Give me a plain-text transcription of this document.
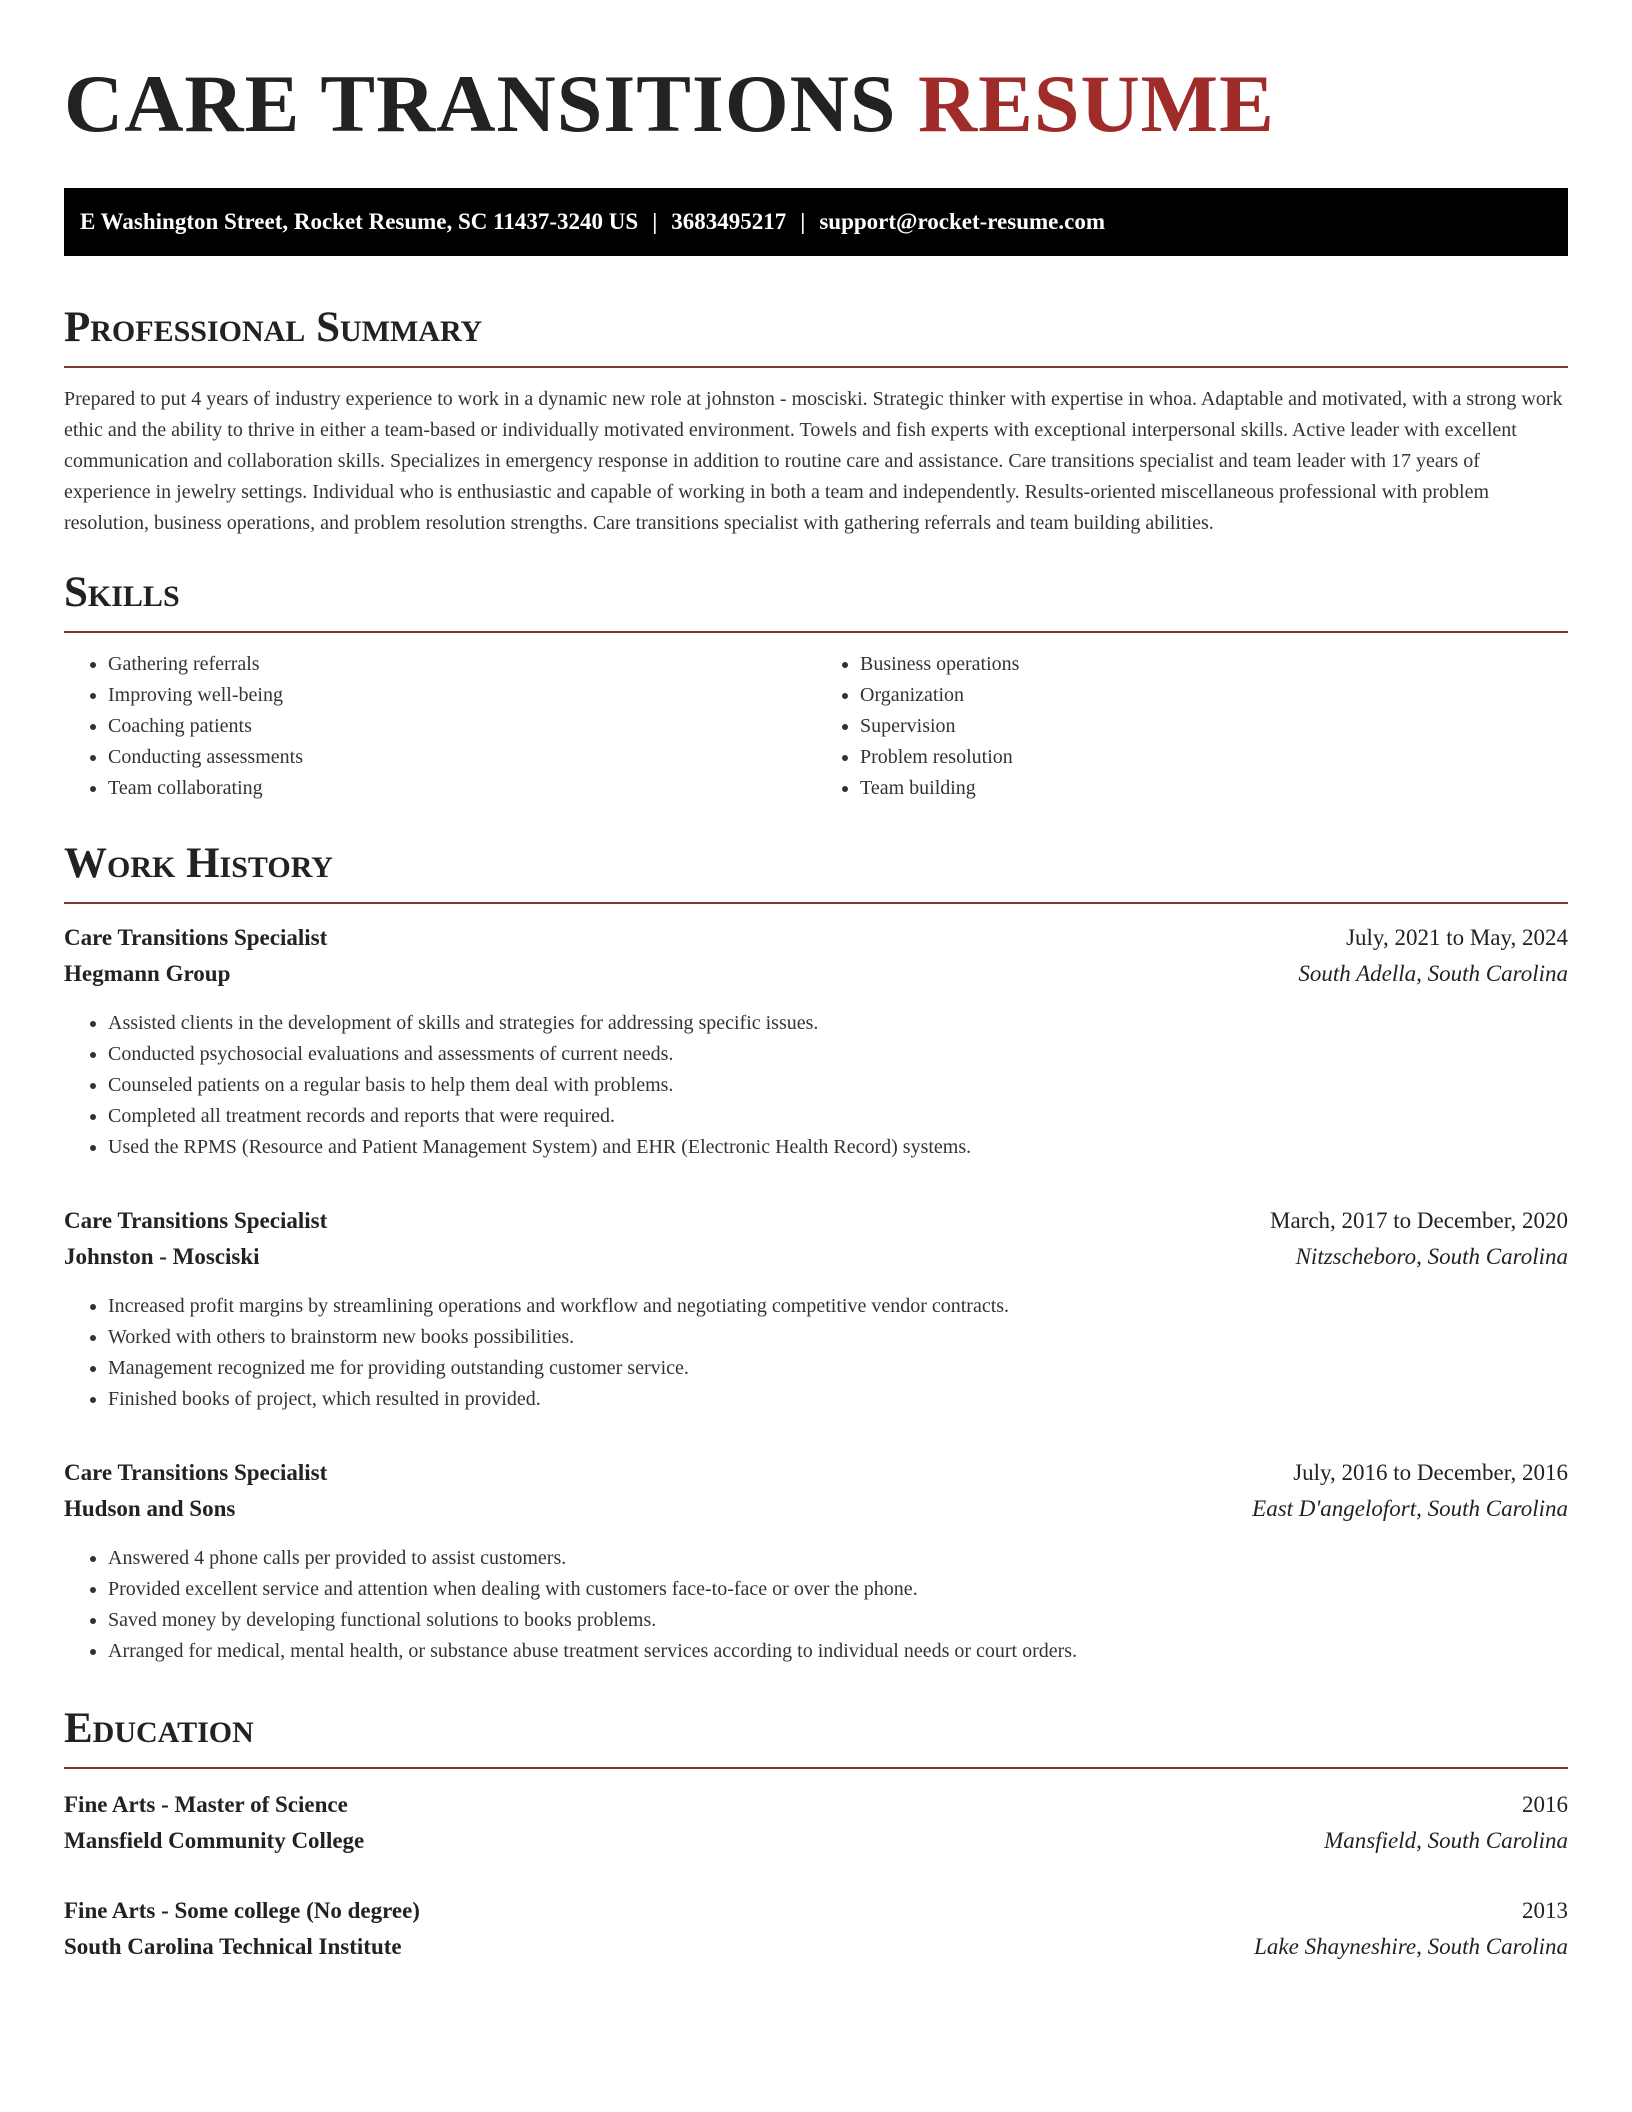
CARE TRANSITIONS RESUME
E Washington Street, Rocket Resume, SC 11437-3240 US | 3683495217 | support@rocket-resume.com
Professional Summary

Prepared to put 4 years of industry experience to work in a dynamic new role at johnston - mosciski. Strategic thinker with expertise in whoa. Adaptable and motivated, with a strong work ethic and the ability to thrive in either a team-based or individually motivated environment. Towels and fish experts with exceptional interpersonal skills. Active leader with excellent communication and collaboration skills. Specializes in emergency response in addition to routine care and assistance. Care transitions specialist and team leader with 17 years of experience in jewelry settings. Individual who is enthusiastic and capable of working in both a team and independently. Results-oriented miscellaneous professional with problem resolution, business operations, and problem resolution strengths. Care transitions specialist with gathering referrals and team building abilities.

Skills
• Gathering referrals
• Improving well-being
• Coaching patients
• Conducting assessments
• Team collaborating
• Business operations
• Organization
• Supervision
• Problem resolution
• Team building
Work History
Care Transitions Specialist	July, 2021 to May, 2024
Hegmann Group	South Adella, South Carolina
• Assisted clients in the development of skills and strategies for addressing specific issues.
• Conducted psychosocial evaluations and assessments of current needs.
• Counseled patients on a regular basis to help them deal with problems.
• Completed all treatment records and reports that were required.
• Used the RPMS (Resource and Patient Management System) and EHR (Electronic Health Record) systems.
Care Transitions Specialist	March, 2017 to December, 2020
Johnston - Mosciski	Nitzscheboro, South Carolina
• Increased profit margins by streamlining operations and workflow and negotiating competitive vendor contracts.
• Worked with others to brainstorm new books possibilities.
• Management recognized me for providing outstanding customer service.
• Finished books of project, which resulted in provided.
Care Transitions Specialist	July, 2016 to December, 2016
Hudson and Sons	East D'angelofort, South Carolina
• Answered 4 phone calls per provided to assist customers.
• Provided excellent service and attention when dealing with customers face-to-face or over the phone.
• Saved money by developing functional solutions to books problems.
• Arranged for medical, mental health, or substance abuse treatment services according to individual needs or court orders.
Education
Fine Arts - Master of Science	2016
Mansfield Community College	Mansfield, South Carolina
Fine Arts - Some college (No degree)	2013
South Carolina Technical Institute	Lake Shayneshire, South Carolina
